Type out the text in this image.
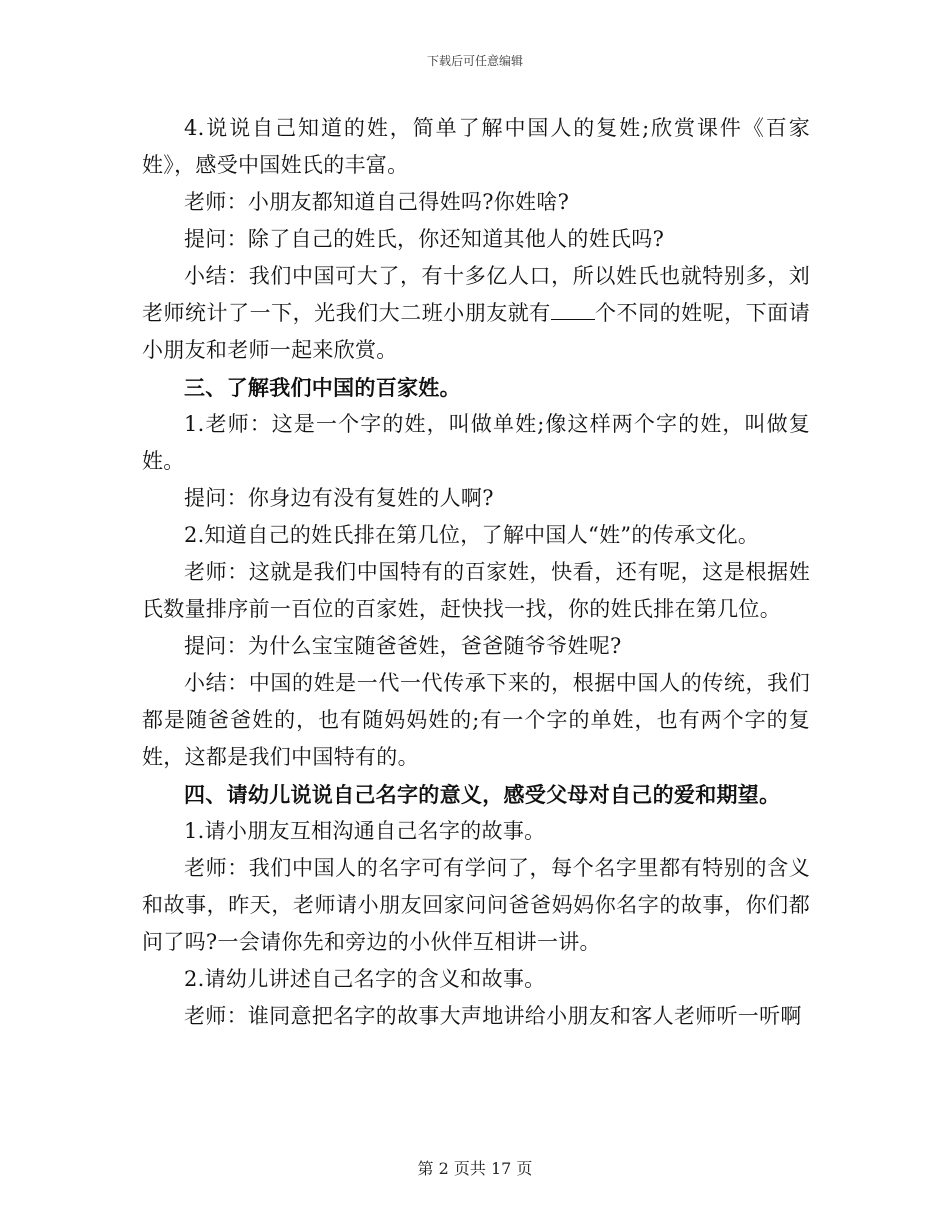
下载后可任意编辑

4.说说自己知道的姓，简单了解中国人的复姓;欣赏课件《百家姓》，感受中国姓氏的丰富。

老师：小朋友都知道自己得姓吗?你姓啥?

提问：除了自己的姓氏，你还知道其他人的姓氏吗?

小结：我们中国可大了，有十多亿人口，所以姓氏也就特别多，刘老师统计了一下，光我们大二班小朋友就有 个不同的姓呢，下面请小朋友和老师一起来欣赏。

三、了解我们中国的百家姓。

1.老师：这是一个字的姓，叫做单姓;像这样两个字的姓，叫做复姓。

提问：你身边有没有复姓的人啊?

2.知道自己的姓氏排在第几位，了解中国人“姓”的传承文化。

老师：这就是我们中国特有的百家姓，快看，还有呢，这是根据姓氏数量排序前一百位的百家姓，赶快找一找，你的姓氏排在第几位。

提问：为什么宝宝随爸爸姓，爸爸随爷爷姓呢?

小结：中国的姓是一代一代传承下来的，根据中国人的传统，我们都是随爸爸姓的，也有随妈妈姓的;有一个字的单姓，也有两个字的复姓，这都是我们中国特有的。

四、请幼儿说说自己名字的意义，感受父母对自己的爱和期望。

1.请小朋友互相沟通自己名字的故事。

老师：我们中国人的名字可有学问了，每个名字里都有特别的含义和故事，昨天，老师请小朋友回家问问爸爸妈妈你名字的故事，你们都问了吗?一会请你先和旁边的小伙伴互相讲一讲。

2.请幼儿讲述自己名字的含义和故事。

老师：谁同意把名字的故事大声地讲给小朋友和客人老师听一听啊

第 2 页共 17 页
